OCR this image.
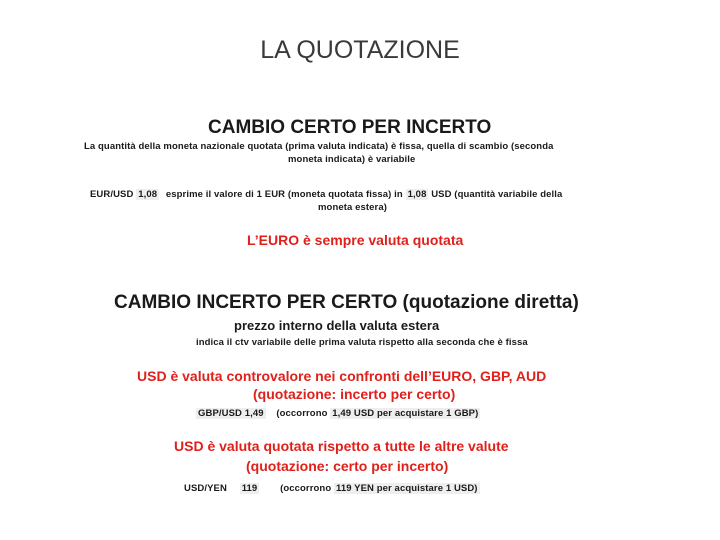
LA QUOTAZIONE
CAMBIO CERTO PER INCERTO
La quantità della moneta nazionale quotata (prima valuta indicata) è fissa, quella di scambio (seconda
moneta indicata) è variabile
EUR/USD 1,08 esprime il valore di 1 EUR (moneta quotata fissa) in 1,08 USD (quantità variabile della
moneta estera)
L’EURO è sempre valuta quotata
CAMBIO INCERTO PER CERTO (quotazione diretta)
prezzo interno della valuta estera
indica il ctv variabile delle prima valuta rispetto alla seconda che è fissa
USD è valuta controvalore nei confronti dell’EURO, GBP, AUD
(quotazione: incerto per certo)
GBP/USD 1,49 (occorrono 1,49 USD per acquistare 1 GBP)
USD è valuta quotata rispetto a tutte le altre valute
(quotazione: certo per incerto)
USD/YEN 119 (occorrono 119 YEN per acquistare 1 USD)
